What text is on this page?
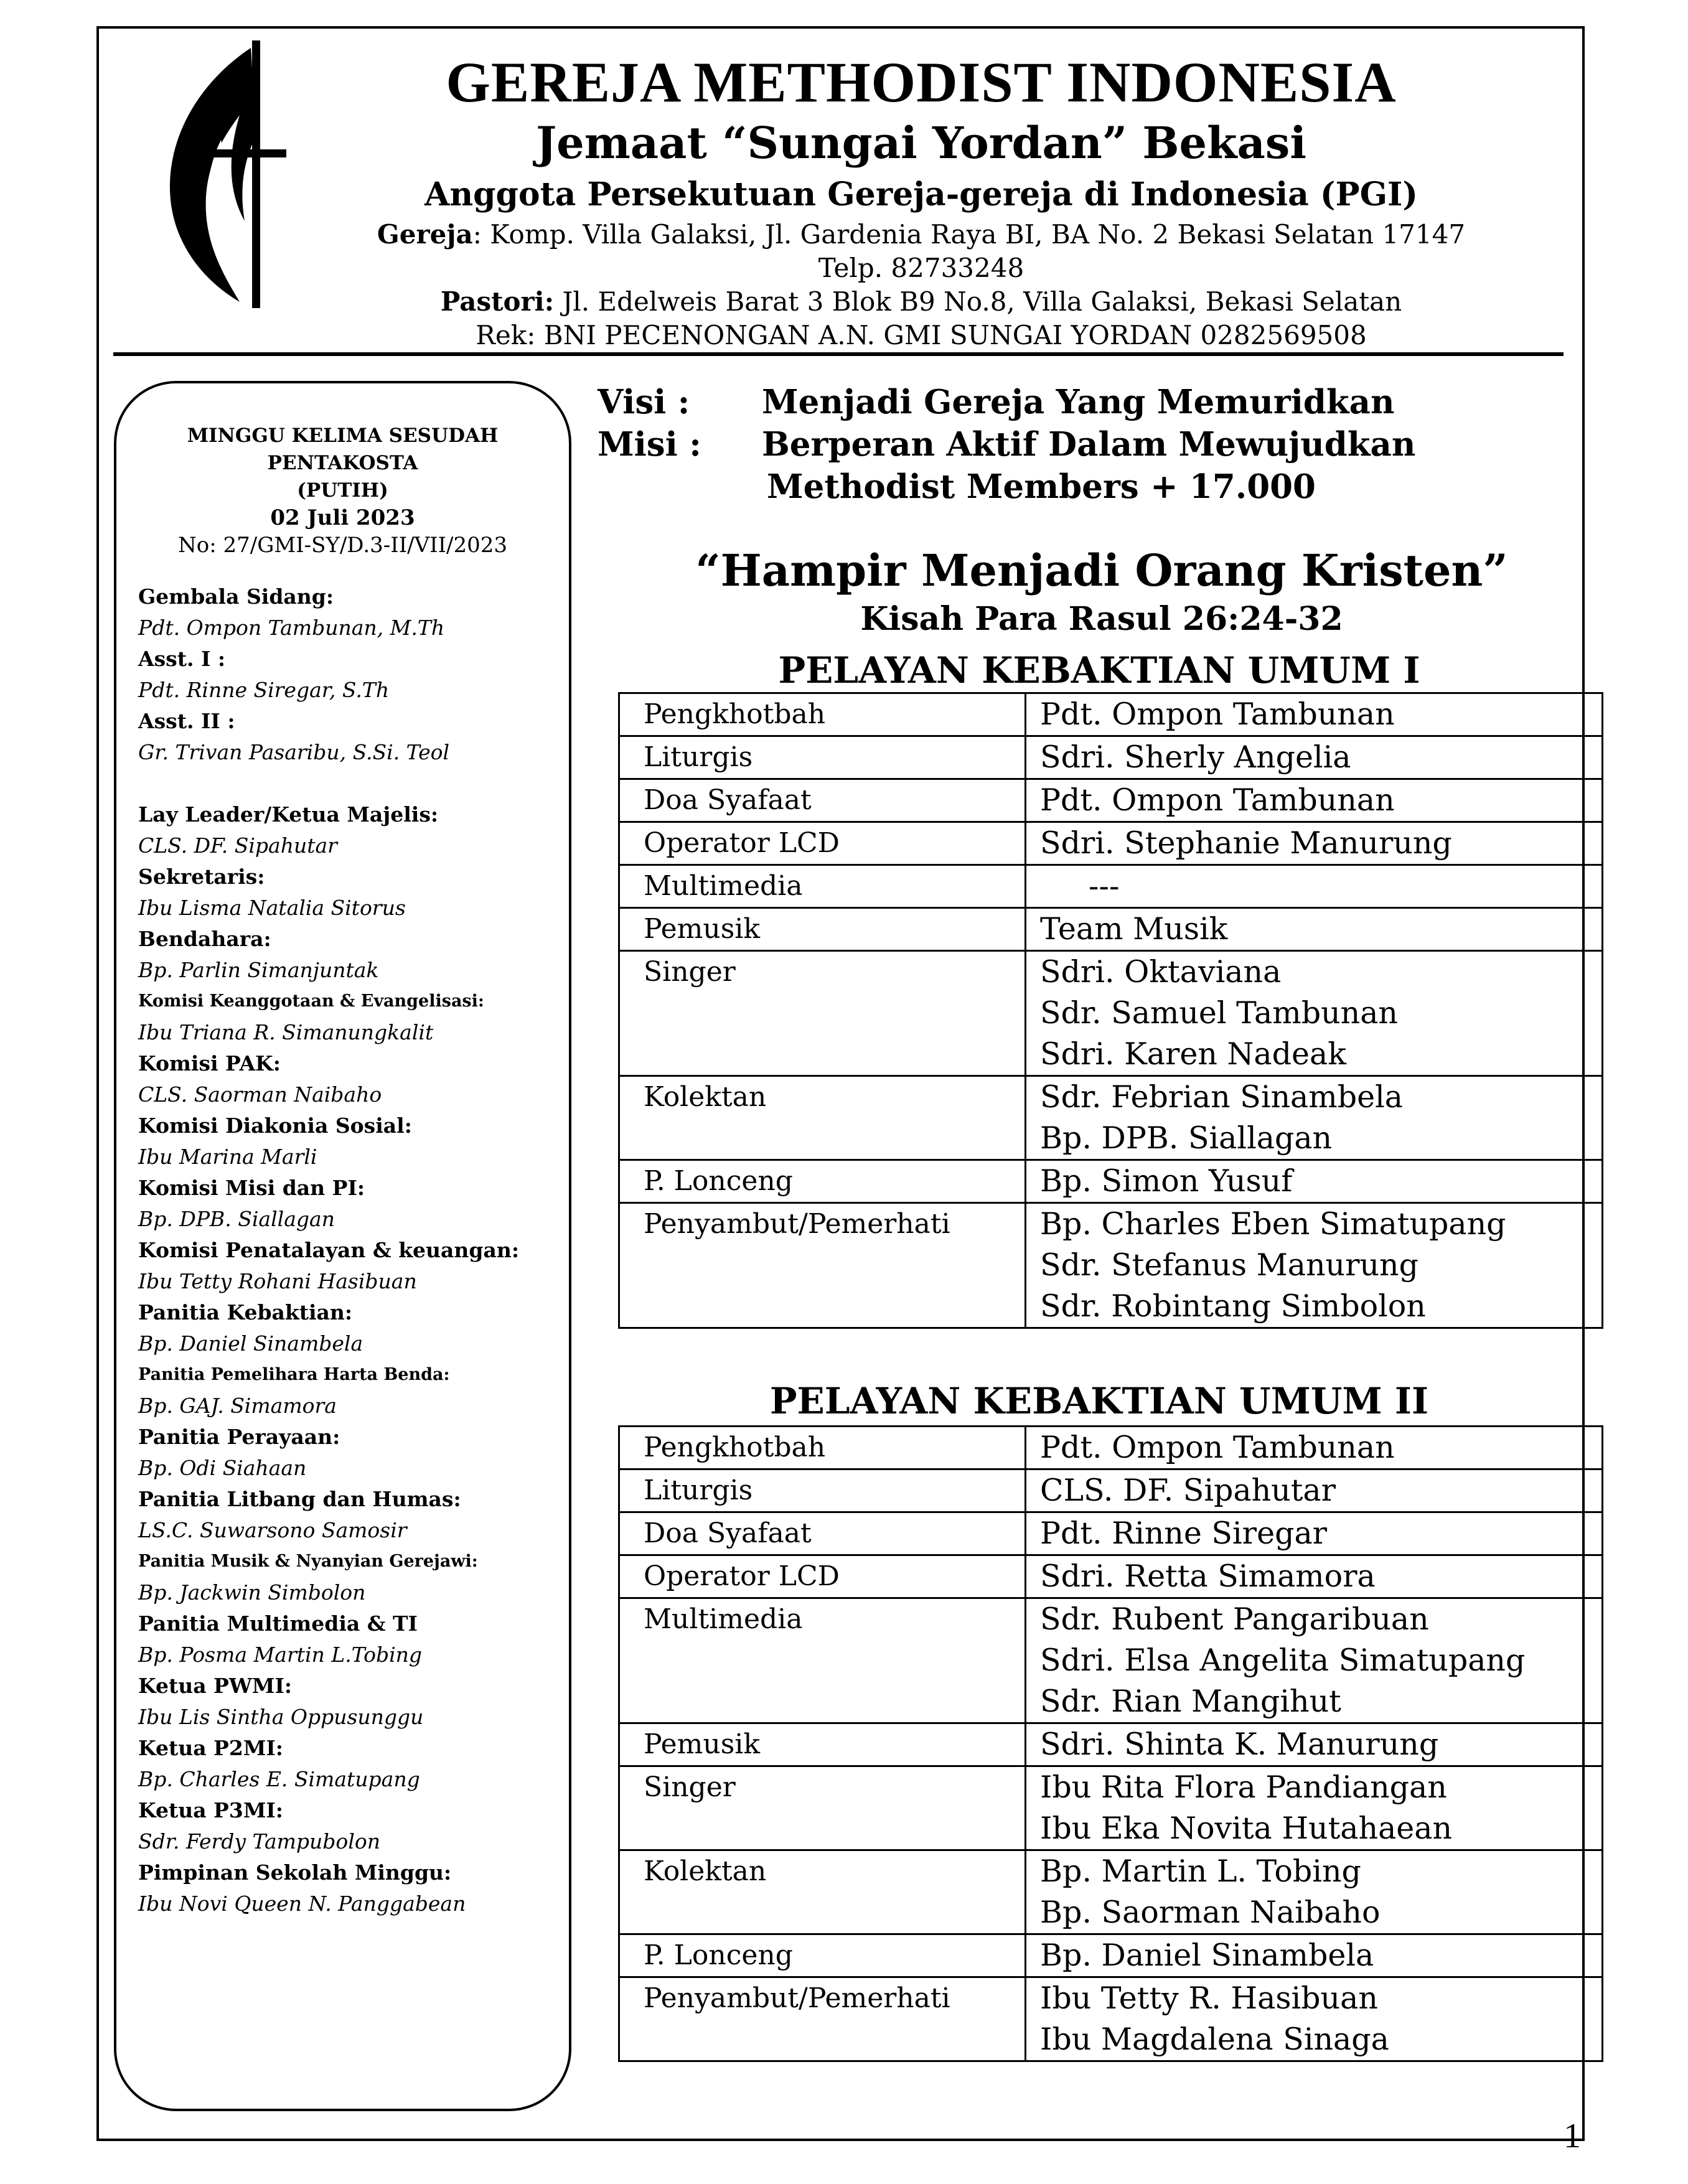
GEREJA METHODIST INDONESIA
Jemaat “Sungai Yordan” Bekasi
Anggota Persekutuan Gereja-gereja di Indonesia (PGI)
Gereja: Komp. Villa Galaksi, Jl. Gardenia Raya BI, BA No. 2 Bekasi Selatan 17147
Telp. 82733248
Pastori: Jl. Edelweis Barat 3 Blok B9 No.8, Villa Galaksi, Bekasi Selatan
Rek: BNI PECENONGAN A.N. GMI SUNGAI YORDAN 0282569508
MINGGU KELIMA SESUDAH
PENTAKOSTA
(PUTIH)
02 Juli 2023
No: 27/GMI-SY/D.3-II/VII/2023
Gembala Sidang:
Pdt. Ompon Tambunan, M.Th
Asst. I :
Pdt. Rinne Siregar, S.Th
Asst. II :
Gr. Trivan Pasaribu, S.Si. Teol
Lay Leader/Ketua Majelis:
CLS. DF. Sipahutar
Sekretaris:
Ibu Lisma Natalia Sitorus
Bendahara:
Bp. Parlin Simanjuntak
Komisi Keanggotaan & Evangelisasi:
Ibu Triana R. Simanungkalit
Komisi PAK:
CLS. Saorman Naibaho
Komisi Diakonia Sosial:
Ibu Marina Marli
Komisi Misi dan PI:
Bp. DPB. Siallagan
Komisi Penatalayan & keuangan:
Ibu Tetty Rohani Hasibuan
Panitia Kebaktian:
Bp. Daniel Sinambela
Panitia Pemelihara Harta Benda:
Bp. GAJ. Simamora
Panitia Perayaan:
Bp. Odi Siahaan
Panitia Litbang dan Humas:
LS.C. Suwarsono Samosir
Panitia Musik & Nyanyian Gerejawi:
Bp. Jackwin Simbolon
Panitia Multimedia & TI
Bp. Posma Martin L.Tobing
Ketua PWMI:
Ibu Lis Sintha Oppusunggu
Ketua P2MI:
Bp. Charles E. Simatupang
Ketua P3MI:
Sdr. Ferdy Tampubolon
Pimpinan Sekolah Minggu:
Ibu Novi Queen N. Panggabean
Visi : Menjadi Gereja Yang Memuridkan
Misi : Berperan Aktif Dalam Mewujudkan
Methodist Members + 17.000
“Hampir Menjadi Orang Kristen”
Kisah Para Rasul 26:24-32
PELAYAN KEBAKTIAN UMUM I
Pengkhotbah	Pdt. Ompon Tambunan

Liturgis	Sdri. Sherly Angelia

Doa Syafaat	Pdt. Ompon Tambunan

Operator LCD	Sdri. Stephanie Manurung

Multimedia	---

Pemusik	Team Musik

Singer	Sdri. Oktaviana
Sdr. Samuel Tambunan
Sdri. Karen Nadeak

Kolektan	Sdr. Febrian Sinambela
Bp. DPB. Siallagan

P. Lonceng	Bp. Simon Yusuf

Penyambut/Pemerhati	Bp. Charles Eben Simatupang
Sdr. Stefanus Manurung
Sdr. Robintang Simbolon
PELAYAN KEBAKTIAN UMUM II
Pengkhotbah	Pdt. Ompon Tambunan

Liturgis	CLS. DF. Sipahutar

Doa Syafaat	Pdt. Rinne Siregar

Operator LCD	Sdri. Retta Simamora

Multimedia	Sdr. Rubent Pangaribuan
Sdri. Elsa Angelita Simatupang
Sdr. Rian Mangihut

Pemusik	Sdri. Shinta K. Manurung

Singer	Ibu Rita Flora Pandiangan
Ibu Eka Novita Hutahaean

Kolektan	Bp. Martin L. Tobing
Bp. Saorman Naibaho

P. Lonceng	Bp. Daniel Sinambela

Penyambut/Pemerhati	Ibu Tetty R. Hasibuan
Ibu Magdalena Sinaga
1
